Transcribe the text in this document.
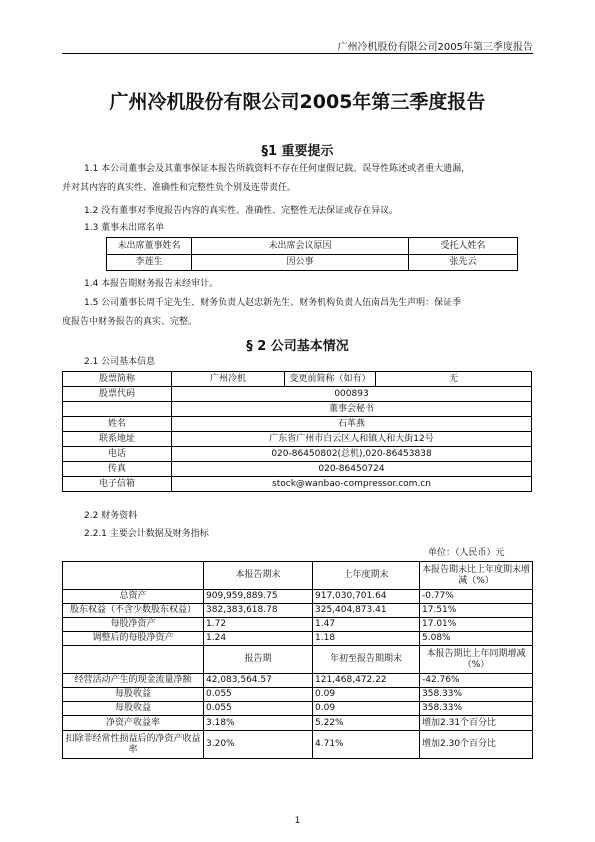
广州冷机股份有限公司2005年第三季度报告
广州冷机股份有限公司2005年第三季度报告
§1 重要提示
1.1 本公司董事会及其董事保证本报告所载资料不存在任何虚假记载、误导性陈述或者重大遗漏，
并对其内容的真实性、准确性和完整性负个别及连带责任。
1.2 没有董事对季度报告内容的真实性、准确性、完整性无法保证或存在异议。
1.3 董事未出席名单
未出席董事姓名	未出席会议原因	受托人姓名
李莲生	因公事	张先云
1.4 本报告期财务报告未经审计。
1.5 公司董事长周千定先生、财务负责人赵忠新先生、财务机构负责人伍南昌先生声明：保证季
度报告中财务报告的真实、完整。
§ 2 公司基本情况
2.1 公司基本信息
股票简称	广州冷机	变更前简称（如有）	无
股票代码	000893		
	董事会秘书		
姓名	石革燕		
联系地址	广东省广州市白云区人和镇人和大街12号		
电话	020-86450802(总机),020-86453838		
传真	020-86450724		
电子信箱	stock@wanbao-compressor.com.cn		
2.2 财务资料
2.2.1 主要会计数据及财务指标
单位：（人民币）元
	本报告期末	上年度期末	本报告期末比上年度期末增减（%）
总资产	909,959,889.75	917,030,701.64	-0.77%
股东权益（不含少数股东权益）	382,383,618.78	325,404,873.41	17.51%
每股净资产	1.72	1.47	17.01%
调整后的每股净资产	1.24	1.18	5.08%
	报告期	年初至报告期期末	本报告期比上年同期增减（%）
经营活动产生的现金流量净额	42,083,564.57	121,468,472.22	-42.76%
每股收益	0.055	0.09	358.33%
每股收益	0.055	0.09	358.33%
净资产收益率	3.18%	5.22%	增加2.31个百分比
扣除非经常性损益后的净资产收益率	3.20%	4.71%	增加2.30个百分比
1
